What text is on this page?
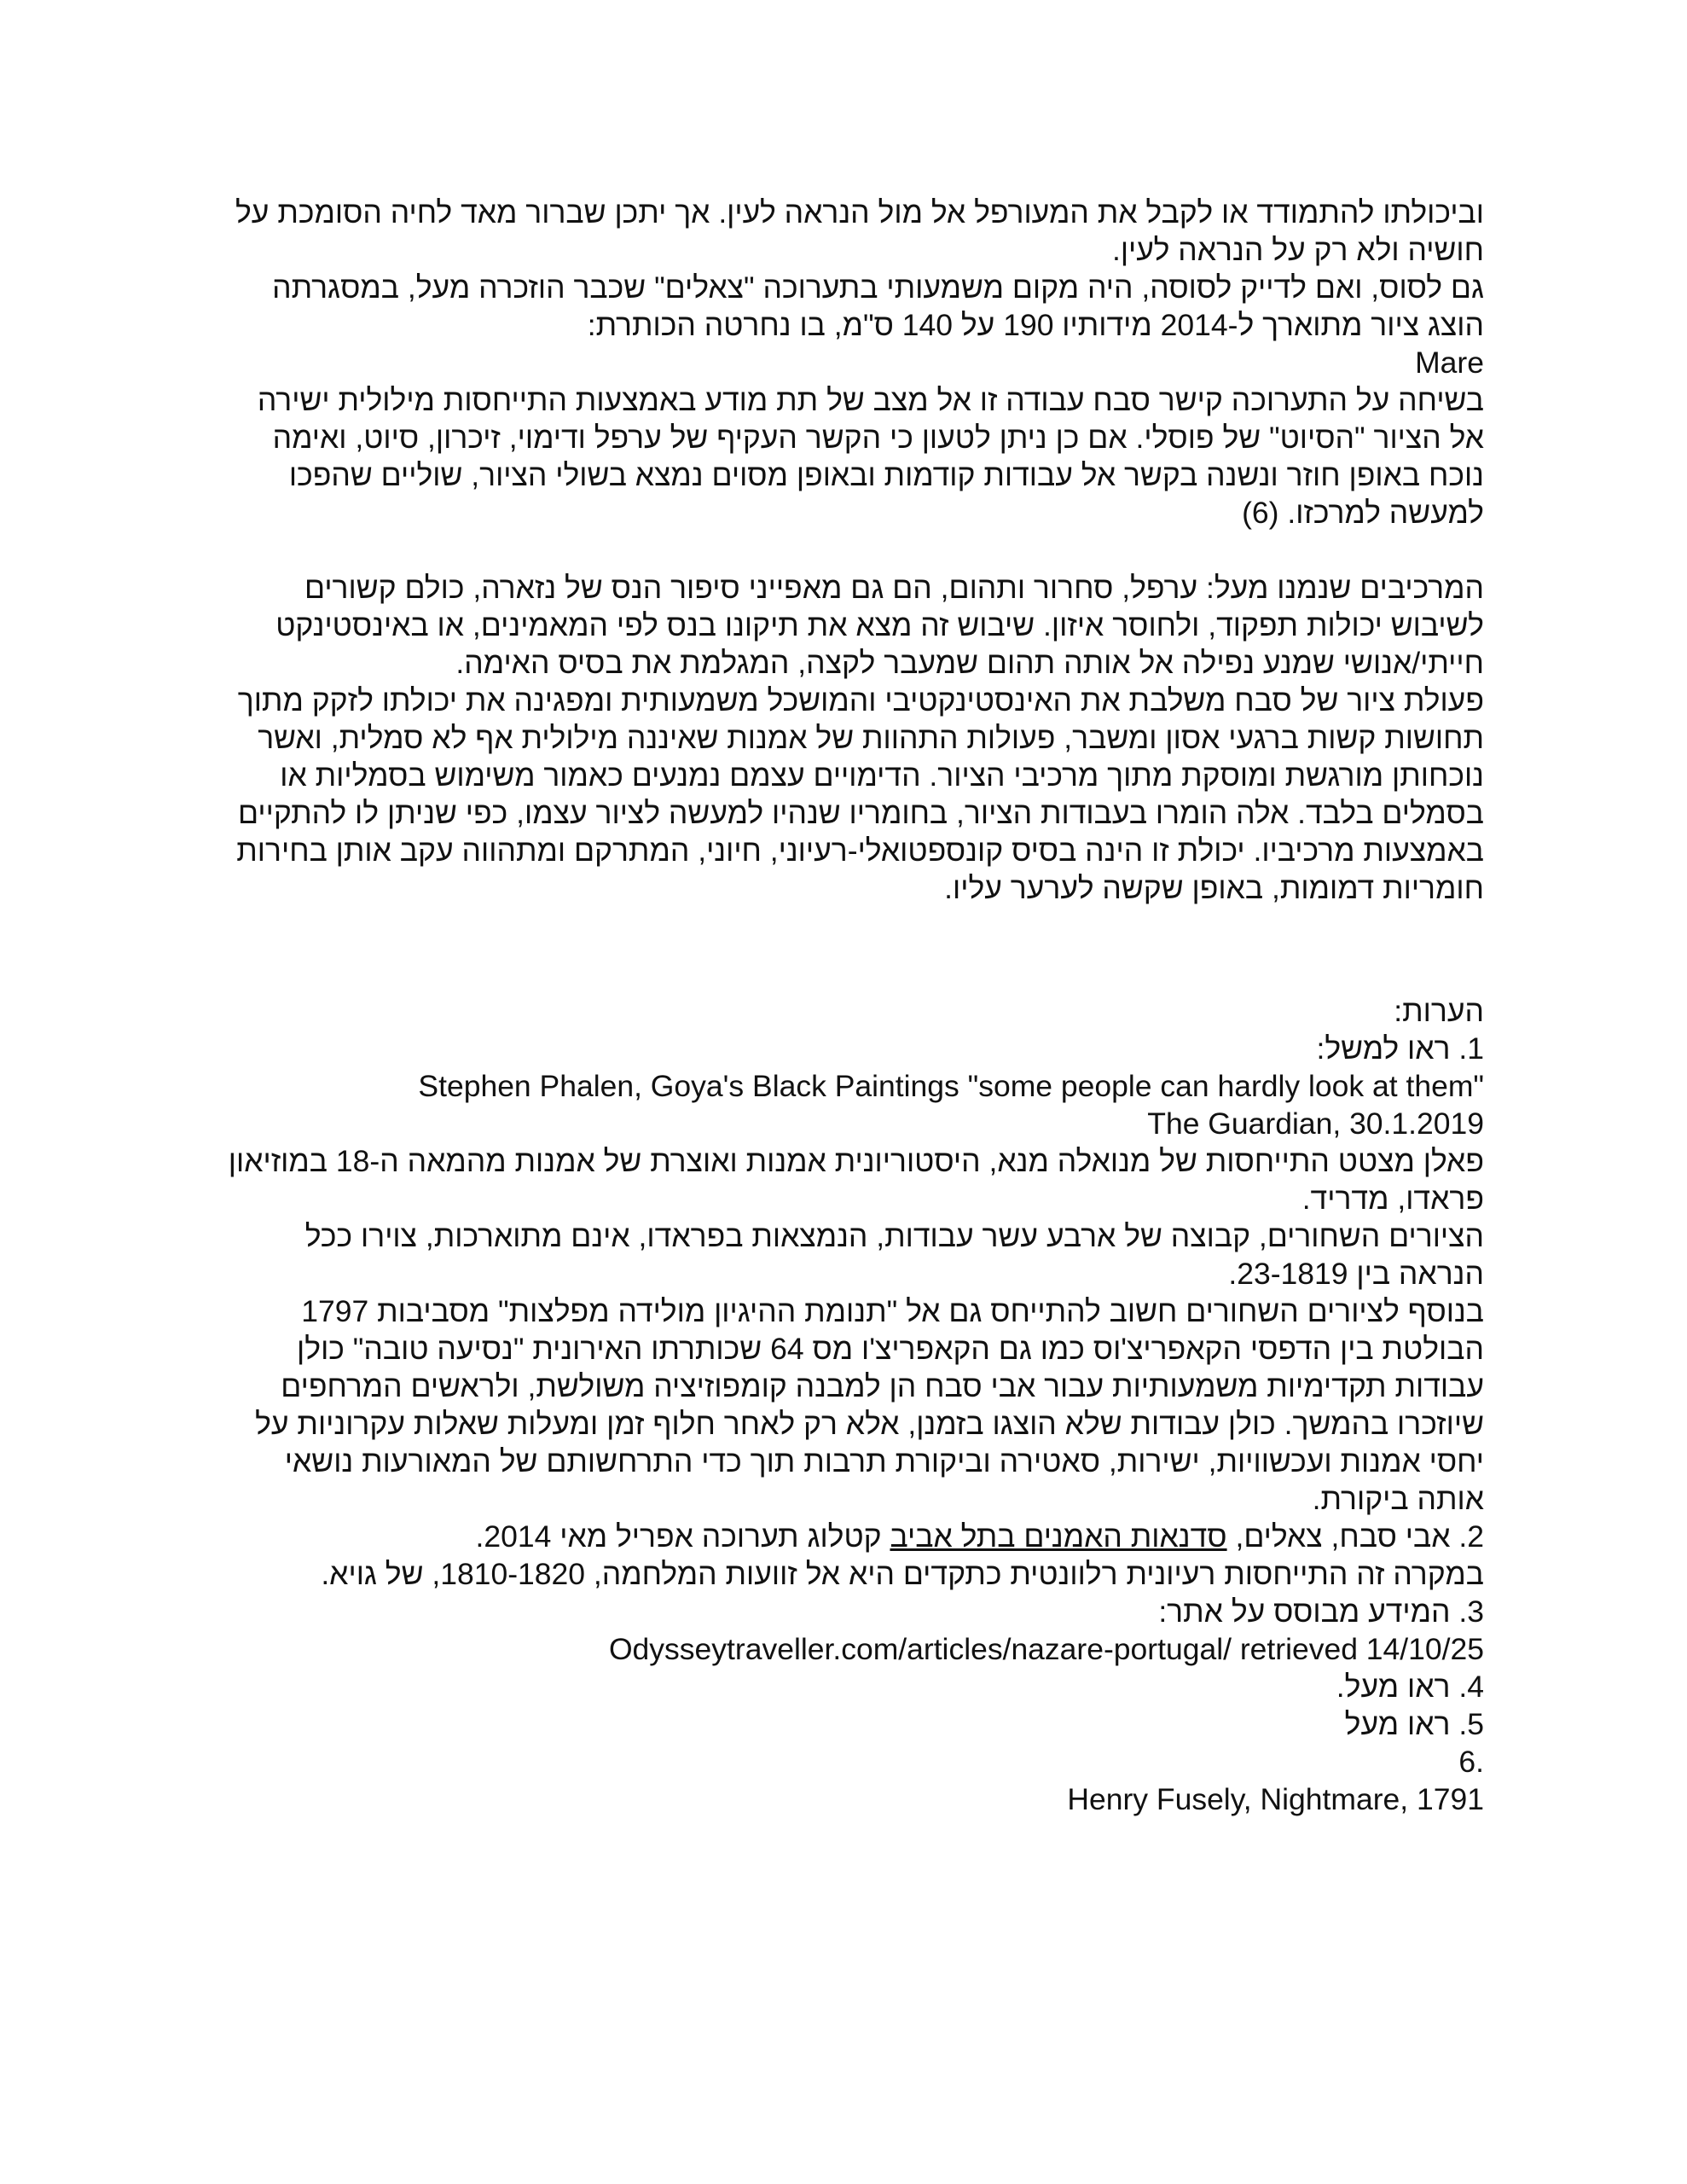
וביכולתו להתמודד או לקבל את המעורפל אל מול הנראה לעין. אך יתכן שברור מאד לחיה הסומכת על
חושיה ולא רק על הנראה לעין.
גם לסוס, ואם לדייק לסוסה, היה מקום משמעותי בתערוכה "צאלים" שכבר הוזכרה מעל, במסגרתה
הוצג ציור מתוארך ל-2014 מידותיו 190 על 140 ס"מ, בו נחרטה הכותרת:
Mare
בשיחה על התערוכה קישר סבח עבודה זו אל מצב של תת מודע באמצעות התייחסות מילולית ישירה
אל הציור "הסיוט" של פוסלי. אם כן ניתן לטעון כי הקשר העקיף של ערפל ודימוי, זיכרון, סיוט, ואימה
נוכח באופן חוזר ונשנה בקשר אל עבודות קודמות ובאופן מסוים נמצא בשולי הציור, שוליים שהפכו
למעשה למרכזו. (6)
המרכיבים שנמנו מעל: ערפל, סחרור ותהום, הם גם מאפייני סיפור הנס של נזארה, כולם קשורים
לשיבוש יכולות תפקוד, ולחוסר איזון. שיבוש זה מצא את תיקונו בנס לפי המאמינים, או באינסטינקט
חייתי/אנושי שמנע נפילה אל אותה תהום שמעבר לקצה, המגלמת את בסיס האימה.
פעולת ציור של סבח משלבת את האינסטינקטיבי והמושכל משמעותית ומפגינה את יכולתו לזקק מתוך
תחושות קשות ברגעי אסון ומשבר, פעולות התהוות של אמנות שאיננה מילולית אף לא סמלית, ואשר
נוכחותן מורגשת ומוסקת מתוך מרכיבי הציור. הדימויים עצמם נמנעים כאמור משימוש בסמליות או
בסמלים בלבד. אלה הומרו בעבודות הציור, בחומריו שנהיו למעשה לציור עצמו, כפי שניתן לו להתקיים
באמצעות מרכיביו. יכולת זו הינה בסיס קונספטואלי-רעיוני, חיוני, המתרקם ומתהווה עקב אותן בחירות
חומריות דמומות, באופן שקשה לערער עליו.
הערות:
1. ראו למשל:
Stephen Phalen, Goya's Black Paintings "some people can hardly look at them"
The Guardian, 30.1.2019
פאלן מצטט התייחסות של מנואלה מנא, היסטוריונית אמנות ואוצרת של אמנות מהמאה ה-18 במוזיאון
פראדו, מדריד.
הציורים השחורים, קבוצה של ארבע עשר עבודות, הנמצאות בפראדו, אינם מתוארכות, צוירו ככל
הנראה בין 23-1819.
בנוסף לציורים השחורים חשוב להתייחס גם אל "תנומת ההיגיון מולידה מפלצות" מסביבות 1797
הבולטת בין הדפסי הקאפריצ'וס כמו גם הקאפריצ'ו מס 64 שכותרתו האירונית "נסיעה טובה" כולן
עבודות תקדימיות משמעותיות עבור אבי סבח הן למבנה קומפוזיציה משולשת, ולראשים המרחפים
שיוזכרו בהמשך. כולן עבודות שלא הוצגו בזמנן, אלא רק לאחר חלוף זמן ומעלות שאלות עקרוניות על
יחסי אמנות ועכשוויות, ישירות, סאטירה וביקורת תרבות תוך כדי התרחשותם של המאורעות נושאי
אותה ביקורת.
2. אבי סבח, צאלים, סדנאות האמנים בתל אביב קטלוג תערוכה אפריל מאי 2014.
במקרה זה התייחסות רעיונית רלוונטית כתקדים היא אל זוועות המלחמה, 1810-1820, של גויא.
3. המידע מבוסס על אתר:
Odysseytraveller.com/articles/nazare-portugal/ retrieved 14/10/25
4. ראו מעל.
5. ראו מעל
.6
Henry Fusely, Nightmare, 1791
